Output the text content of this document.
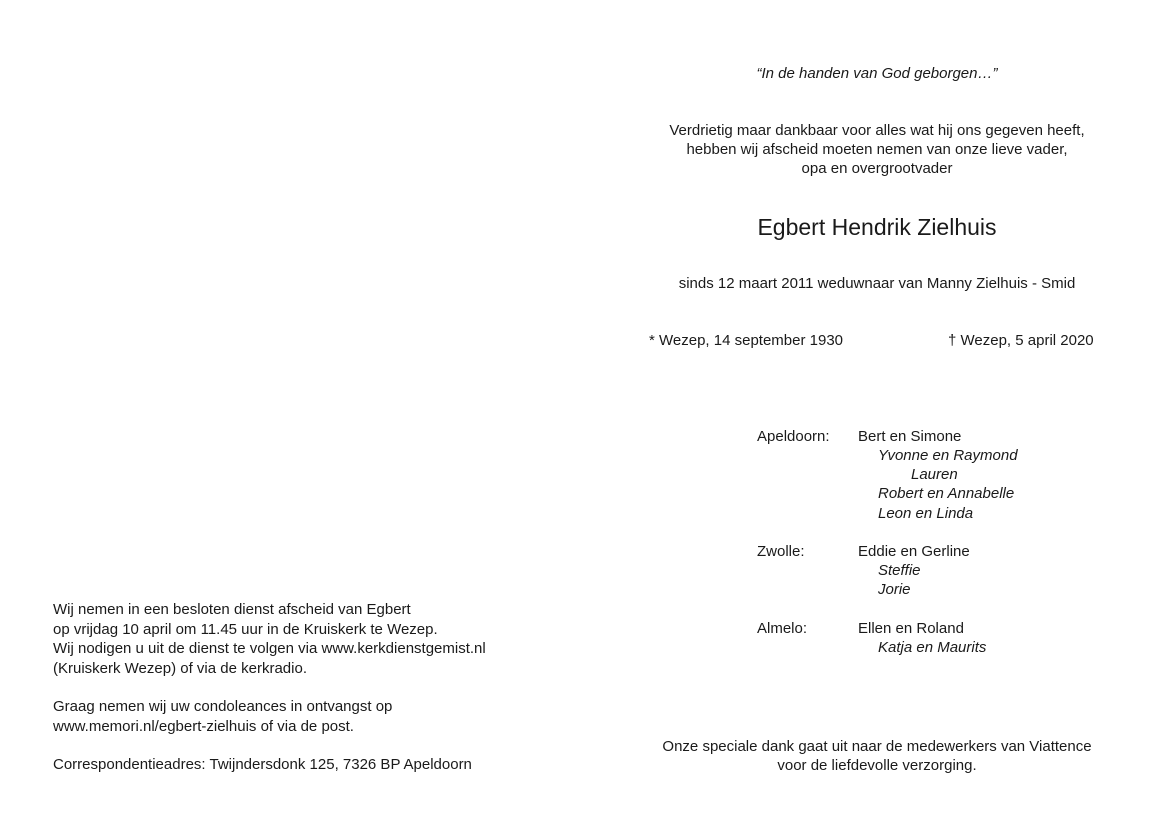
“In de handen van God geborgen…”
Verdrietig maar dankbaar voor alles wat hij ons gegeven heeft,
hebben wij afscheid moeten nemen van onze lieve vader,
opa en overgrootvader
Egbert Hendrik Zielhuis
sinds 12 maart 2011 weduwnaar van Manny Zielhuis - Smid
* Wezep, 14 september 1930	† Wezep, 5 april 2020
Apeldoorn: Bert en Simone
Yvonne en Raymond
Lauren
Robert en Annabelle
Leon en Linda
Zwolle:	Eddie en Gerline
Steffie
Jorie
Almelo:	Ellen en Roland
Katja en Maurits
Onze speciale dank gaat uit naar de medewerkers van Viattence
voor de liefdevolle verzorging.
Wij nemen in een besloten dienst afscheid van Egbert
op vrijdag 10 april om 11.45 uur in de Kruiskerk te Wezep.
Wij nodigen u uit de dienst te volgen via www.kerkdienstgemist.nl
(Kruiskerk Wezep) of via de kerkradio.
Graag nemen wij uw condoleances in ontvangst op
www.memori.nl/egbert-zielhuis of via de post.
Correspondentieadres: Twijndersdonk 125, 7326 BP Apeldoorn
